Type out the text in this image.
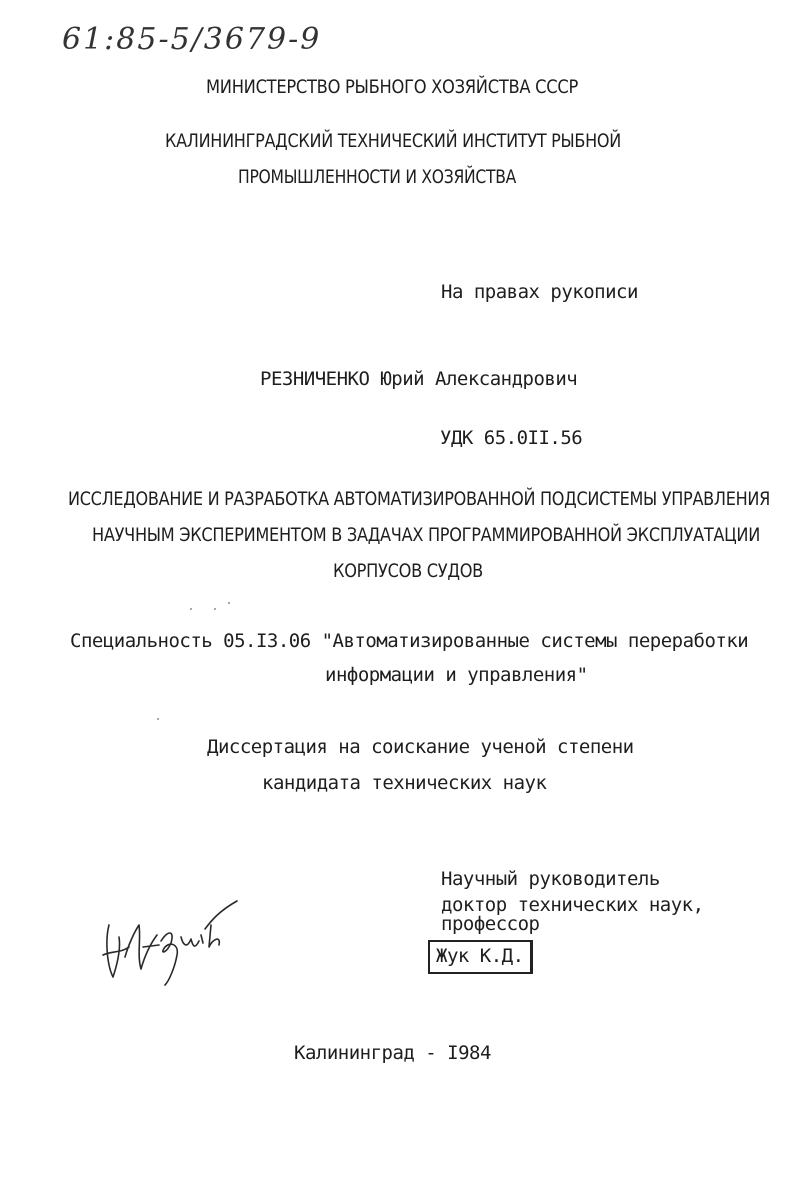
61:85-5/3679-9
МИНИСТЕРСТВО РЫБНОГО ХОЗЯЙСТВА СССР
КАЛИНИНГРАДСКИЙ ТЕХНИЧЕСКИЙ ИНСТИТУТ РЫБНОЙ
ПРОМЫШЛЕННОСТИ И ХОЗЯЙСТВА
На правах рукописи
РЕЗНИЧЕНКО Юрий Александрович
УДК 65.0II.56
ИССЛЕДОВАНИЕ И РАЗРАБОТКА АВТОМАТИЗИРОВАННОЙ ПОДСИСТЕМЫ УПРАВЛЕНИЯ
НАУЧНЫМ ЭКСПЕРИМЕНТОМ В ЗАДАЧАХ ПРОГРАММИРОВАННОЙ ЭКСПЛУАТАЦИИ
КОРПУСОВ СУДОВ
Специальность 05.I3.06 "Автоматизированные системы переработки
информации и управления"
Диссертация на соискание ученой степени
кандидата технических наук
Научный руководитель
доктор технических наук,
профессор
Жук К.Д.
Калининград - I984
